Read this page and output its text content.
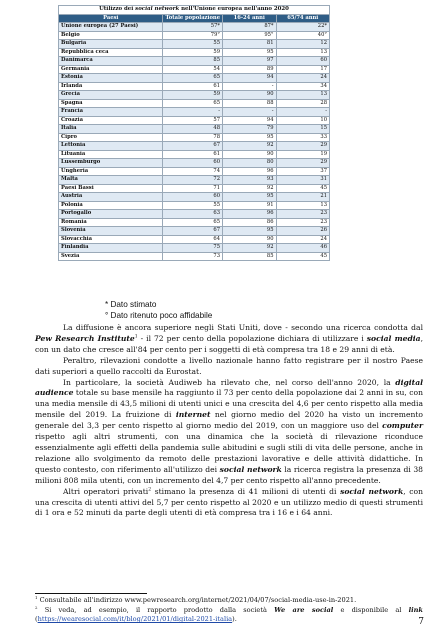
Utilizzo dei social network nell'Unione europea nell'anno 2020			
Paesi	Totale popolazione	16-24 anni	65/74 anni
Unione europea (27 Paesi)	57*	87*	22*
Belgio	79°	95°	40°
Bulgaria	55	81	12
Repubblica ceca	59	95	13
Danimarca	85	97	60
Germania	54	89	17
Estonia	65	94	24
Irlanda	61	-	34
Grecia	59	90	13
Spagna	65	88	28
Francia	-	-	-
Croazia	57	94	10
Italia	48	79	15
Cipro	78	95	33
Lettonia	67	92	29
Lituania	61	90	19
Lussemburgo	60	80	29
Ungheria	74	96	37
Malta	72	93	31
Paesi Bassi	71	92	45
Austria	60	95	21
Polonia	55	91	13
Portogallo	63	96	23
Romania	65	86	23
Slovenia	67	95	26
Slovacchia	64	90	24
Finlandia	75	92	46
Svezia	73	85	45
* Dato stimato
° Dato ritenuto poco affidabile

La diffusione è ancora superiore negli Stati Uniti, dove - secondo una ricerca condotta dal Pew Research Institute$^1$ - il 72 per cento della popolazione dichiara di utilizzare i social media, con un dato che cresce all'84 per cento per i soggetti di età compresa tra 18 e 29 anni di età.

Peraltro, rilevazioni condotte a livello nazionale hanno fatto registrare per il nostro Paese dati superiori a quello raccolti da Eurostat.

In particolare, la società Audiweb ha rilevato che, nel corso dell'anno 2020, la digital audience totale su base mensile ha raggiunto il 73 per cento della popolazione dai 2 anni in su, con una media mensile di 43,5 milioni di utenti unici e una crescita del 4,6 per cento rispetto alla media mensile del 2019. La fruizione di internet nel giorno medio del 2020 ha visto un incremento generale del 3,3 per cento rispetto al giorno medio del 2019, con un maggiore uso del computer rispetto agli altri strumenti, con una dinamica che la società di rilevazione riconduce essenzialmente agli effetti della pandemia sulle abitudini e sugli stili di vita delle persone, anche in relazione allo svolgimento da remoto delle prestazioni lavorative e delle attività didattiche. In questo contesto, con riferimento all'utilizzo dei social network la ricerca registra la presenza di 38 milioni 808 mila utenti, con un incremento del 4,7 per cento rispetto all'anno precedente.

Altri operatori privati$^2$ stimano la presenza di 41 milioni di utenti di social network, con una crescita di utenti attivi del 5,7 per cento rispetto al 2020 e un utilizzo medio di questi strumenti di 1 ora e 52 minuti da parte degli utenti di età compresa tra i 16 e i 64 anni.

$^1$ Consultabile all'indirizzo www.pewresearch.org/internet/2021/04/07/social-media-use-in-2021.

$^2$ Si veda, ad esempio, il rapporto prodotto dalla società We are social e disponibile al link (https://wearesocial.com/it/blog/2021/01/digital-2021-italia).	7
